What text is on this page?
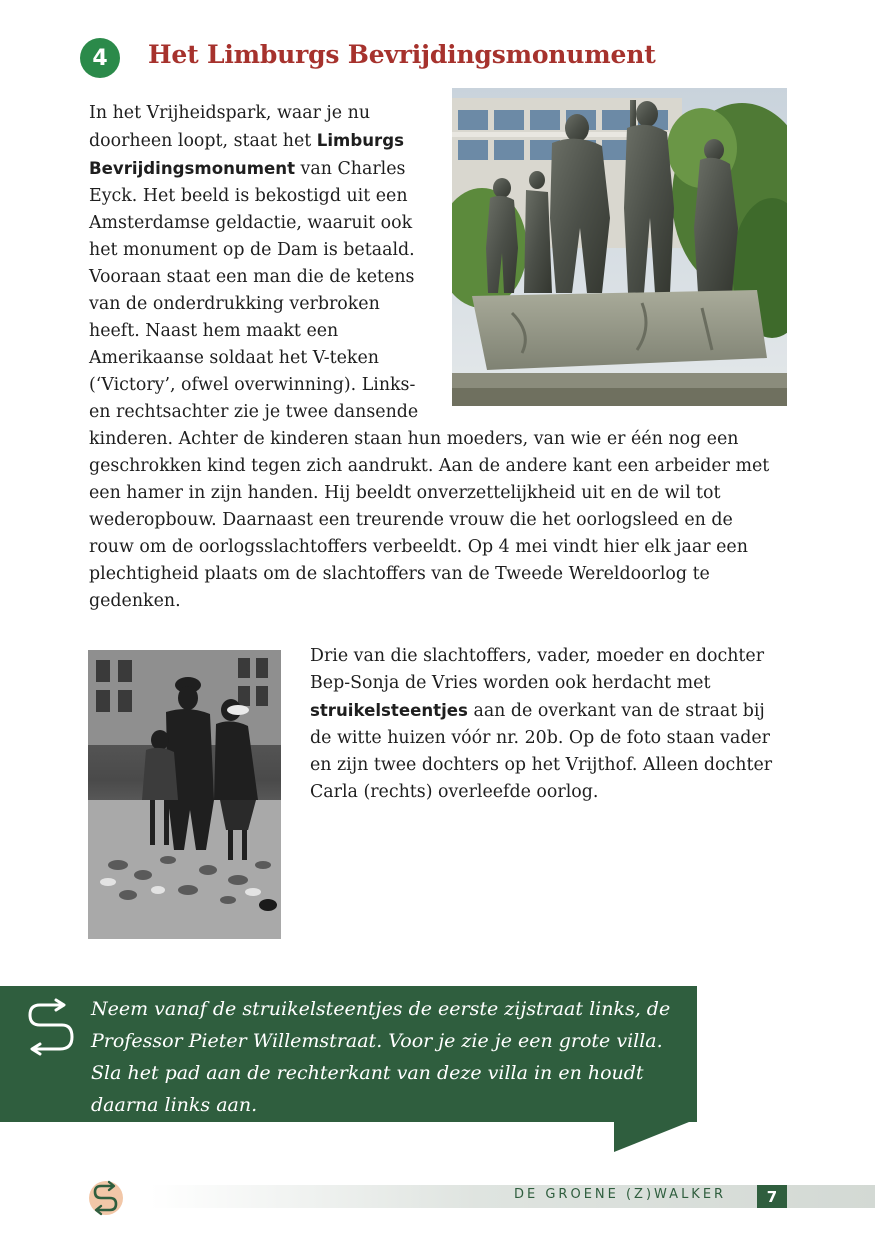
4 Het Limburgs Bevrijdingsmonument

In het Vrijheidspark, waar je nu doorheen loopt, staat het Limburgs Bevrijdingsmonument van Charles Eyck. Het beeld is bekostigd uit een Amsterdamse geldactie, waaruit ook het monument op de Dam is betaald. Vooraan staat een man die de ketens van de onderdrukking verbroken heeft. Naast hem maakt een Amerikaanse soldaat het V-teken (‘Victory’, ofwel overwinning). Links- en rechtsachter zie je twee dansende kinderen. Achter de kinderen staan hun moeders, van wie er één nog een geschrokken kind tegen zich aandrukt. Aan de andere kant een arbeider met een hamer in zijn handen. Hij beeldt onverzettelijkheid uit en de wil tot wederopbouw. Daarnaast een treurende vrouw die het oorlogsleed en de rouw om de oorlogsslachtoffers verbeeldt. Op 4 mei vindt hier elk jaar een plechtigheid plaats om de slachtoffers van de Tweede Wereldoorlog te gedenken.

Drie van die slachtoffers, vader, moeder en dochter Bep-Sonja de Vries worden ook herdacht met struikelsteentjes aan de overkant van de straat bij de witte huizen vóór nr. 20b. Op de foto staan vader en zijn twee dochters op het Vrijthof. Alleen dochter Carla (rechts) overleefde oorlog.

Neem vanaf de struikelsteentjes de eerste zijstraat links, de Professor Pieter Willemstraat. Voor je zie je een grote villa. Sla het pad aan de rechterkant van deze villa in en houdt daarna links aan.

DE GROENE (Z)WALKER	7
